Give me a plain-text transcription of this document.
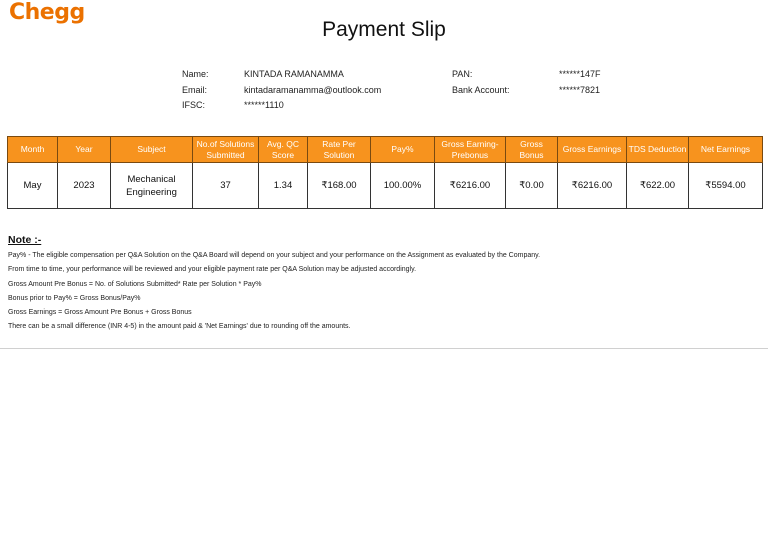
Chegg
Payment Slip
Name:	KINTADA RAMANAMMA
Email:	kintadaramanamma@outlook.com
IFSC:	******1110
PAN:	******147F
Bank Account:	******7821
Month	Year	Subject	No.of Solutions Submitted	Avg. QC Score	Rate Per Solution	Pay%	Gross Earning-Prebonus	Gross Bonus	Gross Earnings	TDS Deduction	Net Earnings
May	2023	Mechanical Engineering	37	1.34	₹168.00	100.00%	₹6216.00	₹0.00	₹6216.00	₹622.00	₹5594.00
Note :-
Pay% - The eligible compensation per Q&A Solution on the Q&A Board will depend on your subject and your performance on the Assignment as evaluated by the Company.
From time to time, your performance will be reviewed and your eligible payment rate per Q&A Solution may be adjusted accordingly.
Gross Amount Pre Bonus = No. of Solutions Submitted* Rate per Solution * Pay%
Bonus prior to Pay% = Gross Bonus/Pay%
Gross Earnings = Gross Amount Pre Bonus + Gross Bonus
There can be a small difference (INR 4-5) in the amount paid & 'Net Earnings' due to rounding off the amounts.
